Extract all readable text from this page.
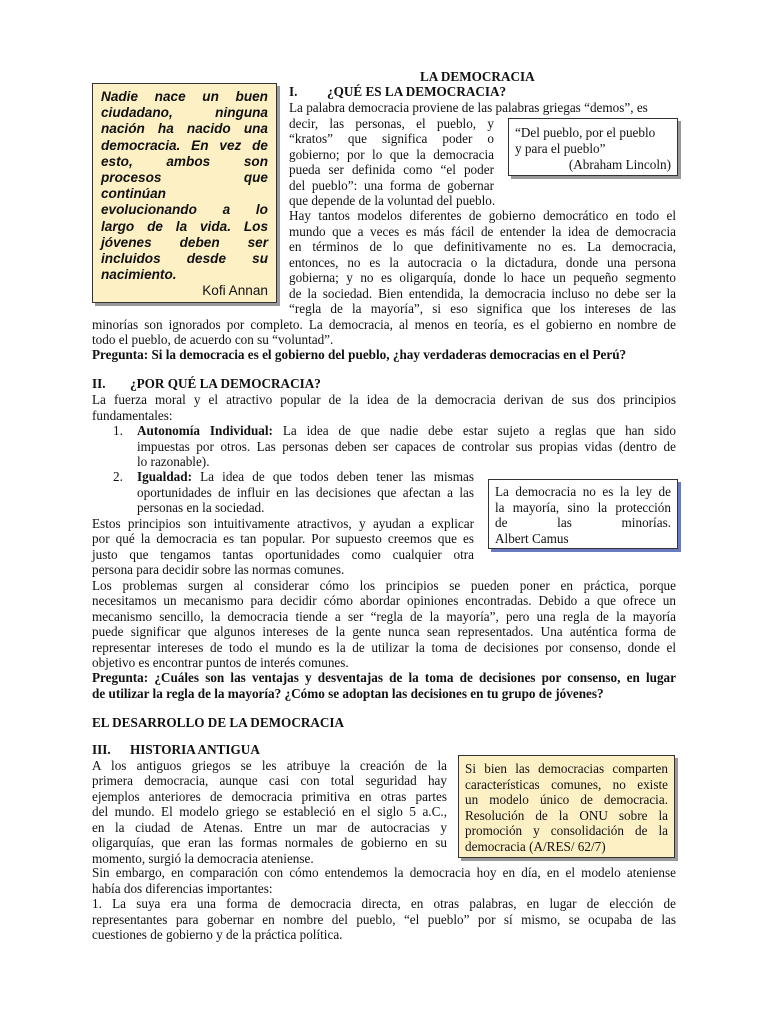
LA DEMOCRACIA
I. ¿QUÉ ES LA DEMOCRACIA?
Nadie nace un buen
ciudadano, ninguna
nación ha nacido una
democracia. En vez de
esto, ambos son
procesos que
continúan
evolucionando a lo
largo de la vida. Los
jóvenes deben ser
incluidos desde su
nacimiento.
Kofi Annan
La palabra democracia proviene de las palabras griegas “demos”, es
decir, las personas, el pueblo, y
“kratos” que significa poder o
gobierno; por lo que la democracia
pueda ser definida como “el poder
del pueblo”: una forma de gobernar
que depende de la voluntad del pueblo.
“Del pueblo, por el pueblo
y para el pueblo”
(Abraham Lincoln)
Hay tantos modelos diferentes de gobierno democrático en todo el
mundo que a veces es más fácil de entender la idea de democracia
en términos de lo que definitivamente no es. La democracia,
entonces, no es la autocracia o la dictadura, donde una persona
gobierna; y no es oligarquía, donde lo hace un pequeño segmento
de la sociedad. Bien entendida, la democracia incluso no debe ser la
“regla de la mayoría”, si eso significa que los intereses de las
minorías son ignorados por completo. La democracia, al menos en teoría, es el gobierno en nombre de
todo el pueblo, de acuerdo con su “voluntad”.
Pregunta: Si la democracia es el gobierno del pueblo, ¿hay verdaderas democracias en el Perú?
II. ¿POR QUÉ LA DEMOCRACIA?
La fuerza moral y el atractivo popular de la idea de la democracia derivan de sus dos principios
fundamentales:
1. Autonomía Individual: La idea de que nadie debe estar sujeto a reglas que han sido
impuestas por otros. Las personas deben ser capaces de controlar sus propias vidas (dentro de
lo razonable).
2. Igualdad: La idea de que todos deben tener las mismas
oportunidades de influir en las decisiones que afectan a las
personas en la sociedad.
La democracia no es la ley de
la mayoría, sino la protección
de las minorías.
Albert Camus
Estos principios son intuitivamente atractivos, y ayudan a explicar
por qué la democracia es tan popular. Por supuesto creemos que es
justo que tengamos tantas oportunidades como cualquier otra
persona para decidir sobre las normas comunes.
Los problemas surgen al considerar cómo los principios se pueden poner en práctica, porque
necesitamos un mecanismo para decidir cómo abordar opiniones encontradas. Debido a que ofrece un
mecanismo sencillo, la democracia tiende a ser “regla de la mayoría”, pero una regla de la mayoría
puede significar que algunos intereses de la gente nunca sean representados. Una auténtica forma de
representar intereses de todo el mundo es la de utilizar la toma de decisiones por consenso, donde el
objetivo es encontrar puntos de interés comunes.
Pregunta: ¿Cuáles son las ventajas y desventajas de la toma de decisiones por consenso, en lugar
de utilizar la regla de la mayoría? ¿Cómo se adoptan las decisiones en tu grupo de jóvenes?
EL DESARROLLO DE LA DEMOCRACIA
III. HISTORIA ANTIGUA
A los antiguos griegos se les atribuye la creación de la
primera democracia, aunque casi con total seguridad hay
ejemplos anteriores de democracia primitiva en otras partes
del mundo. El modelo griego se estableció en el siglo 5 a.C.,
en la ciudad de Atenas. Entre un mar de autocracias y
oligarquías, que eran las formas normales de gobierno en su
momento, surgió la democracia ateniense.
Si bien las democracias comparten
características comunes, no existe
un modelo único de democracia.
Resolución de la ONU sobre la
promoción y consolidación de la
democracia (A/RES/ 62/7)
Sin embargo, en comparación con cómo entendemos la democracia hoy en día, en el modelo ateniense
había dos diferencias importantes:
1. La suya era una forma de democracia directa, en otras palabras, en lugar de elección de
representantes para gobernar en nombre del pueblo, “el pueblo” por sí mismo, se ocupaba de las
cuestiones de gobierno y de la práctica política.
